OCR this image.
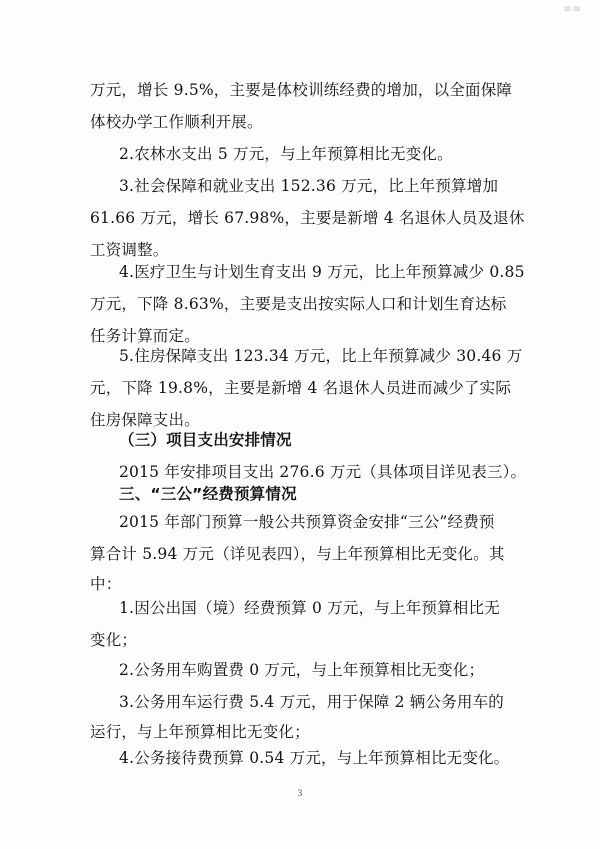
≡≡
万元，增长 9.5%，主要是体校训练经费的增加，以全面保障
体校办学工作顺利开展。
2.农林水支出 5 万元，与上年预算相比无变化。
3.社会保障和就业支出 152.36 万元，比上年预算增加
61.66 万元，增长 67.98%，主要是新增 4 名退休人员及退休
工资调整。
4.医疗卫生与计划生育支出 9 万元，比上年预算减少 0.85
万元，下降 8.63%，主要是支出按实际人口和计划生育达标
任务计算而定。
5.住房保障支出 123.34 万元，比上年预算减少 30.46 万
元，下降 19.8%，主要是新增 4 名退休人员进而减少了实际
住房保障支出。
（三）项目支出安排情况
2015 年安排项目支出 276.6 万元（具体项目详见表三）。
三、“三公”经费预算情况
2015 年部门预算一般公共预算资金安排“三公”经费预
算合计 5.94 万元（详见表四），与上年预算相比无变化。其
中：
1.因公出国（境）经费预算 0 万元，与上年预算相比无
变化；
2.公务用车购置费 0 万元，与上年预算相比无变化；
3.公务用车运行费 5.4 万元，用于保障 2 辆公务用车的
运行，与上年预算相比无变化；
4.公务接待费预算 0.54 万元，与上年预算相比无变化。
3
